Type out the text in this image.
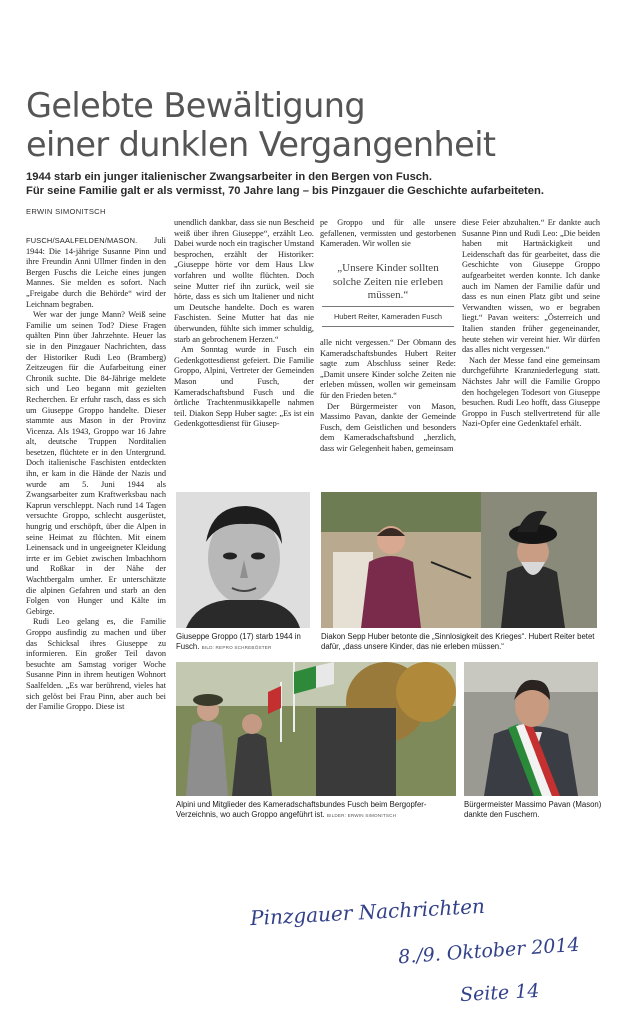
Gelebte Bewältigung
einer dunklen Vergangenheit
1944 starb ein junger italienischer Zwangsarbeiter in den Bergen von Fusch.
Für seine Familie galt er als vermisst, 70 Jahre lang – bis Pinzgauer die Geschichte aufarbeiteten.
ERWIN SIMONITSCH

FUSCH/SAALFELDEN/MASON. Juli 1944: Die 14-jährige Susanne Pinn und ihre Freundin Anni Ullmer finden in den Bergen Fuschs die Leiche eines jungen Mannes. Sie melden es sofort. Nach „Freigabe durch die Behörde“ wird der Leichnam begraben.

Wer war der junge Mann? Weiß seine Familie um seinen Tod? Diese Fragen quälten Pinn über Jahrzehnte. Heuer las sie in den Pinzgauer Nachrichten, dass der Historiker Rudi Leo (Bramberg) Zeitzeugen für die Aufarbeitung einer Chronik suchte. Die 84-Jährige meldete sich und Leo begann mit gezielten Recherchen. Er erfuhr rasch, dass es sich um Giuseppe Groppo handelte. Dieser stammte aus Mason in der Provinz Vicenza. Als 1943, Groppo war 16 Jahre alt, deutsche Truppen Norditalien besetzen, flüchtete er in den Untergrund. Doch italienische Faschisten entdeckten ihn, er kam in die Hände der Nazis und wurde am 5. Juni 1944 als Zwangsarbeiter zum Kraftwerksbau nach Kaprun verschleppt. Nach rund 14 Tagen versuchte Groppo, schlecht ausgerüstet, hungrig und erschöpft, über die Alpen in seine Heimat zu flüchten. Mit einem Leinensack und in ungeeigneter Kleidung irrte er im Gebiet zwischen Imbachhorn und Roßkar in der Nähe der Wachtbergalm umher. Er unterschätzte die alpinen Gefahren und starb an den Folgen von Hunger und Kälte im Gebirge.

Rudi Leo gelang es, die Familie Groppo ausfindig zu machen und über das Schicksal ihres Giuseppe zu informieren. Ein großer Teil davon besuchte am Samstag voriger Woche Susanne Pinn in ihrem heutigen Wohnort Saalfelden. „Es war berührend, vieles hat sich gelöst bei Frau Pinn, aber auch bei der Familie Groppo. Diese ist

unendlich dankbar, dass sie nun Bescheid weiß über ihren Giuseppe“, erzählt Leo. Dabei wurde noch ein tragischer Umstand besprochen, erzählt der Historiker: „Giuseppe hörte vor dem Haus Lkw vorfahren und wollte flüchten. Doch seine Mutter rief ihn zurück, weil sie hörte, dass es sich um Italiener und nicht um Deutsche handelte. Doch es waren Faschisten. Seine Mutter hat das nie überwunden, fühlte sich immer schuldig, starb an gebrochenem Herzen.“

Am Sonntag wurde in Fusch ein Gedenkgottesdienst gefeiert. Die Familie Groppo, Alpini, Vertreter der Gemeinden Mason und Fusch, der Kameradschaftsbund Fusch und die örtliche Trachtenmusikkapelle nahmen teil. Diakon Sepp Huber sagte: „Es ist ein Gedenkgottesdienst für Giusep-

pe Groppo und für alle unsere gefallenen, vermissten und gestorbenen Kameraden. Wir wollen sie

„Unsere Kinder sollten solche Zeiten nie erleben müssen.“
Hubert Reiter, Kameraden Fusch

alle nicht vergessen.“ Der Obmann des Kameradschaftsbundes Hubert Reiter sagte zum Abschluss seiner Rede: „Damit unsere Kinder solche Zeiten nie erleben müssen, wollen wir gemeinsam für den Frieden beten.“

Der Bürgermeister von Mason, Massimo Pavan, dankte der Gemeinde Fusch, dem Geistlichen und besonders dem Kameradschaftsbund „herzlich, dass wir Gelegenheit haben, gemeinsam

diese Feier abzuhalten.“ Er dankte auch Susanne Pinn und Rudi Leo: „Die beiden haben mit Hartnäckigkeit und Leidenschaft das für gearbeitet, dass die Geschichte von Giuseppe Groppo aufgearbeitet werden konnte. Ich danke auch im Namen der Familie dafür und dass es nun einen Platz gibt und seine Verwandten wissen, wo er begraben liegt.“ Pavan weiters: „Österreich und Italien standen früher gegeneinander, heute stehen wir vereint hier. Wir dürfen das alles nicht vergessen.“

Nach der Messe fand eine gemeinsam durchgeführte Kranzniederlegung statt. Nächstes Jahr will die Familie Groppo den hochgelegen Todesort von Giuseppe besuchen. Rudi Leo hofft, dass Giuseppe Groppo in Fusch stellvertretend für alle Nazi-Opfer eine Gedenktafel erhält.

Giuseppe Groppo (17) starb 1944 in Fusch. BILD: REPRO SCHREBÖSTER
Diakon Sepp Huber betonte die „Sinnlosigkeit des Krieges“. Hubert Reiter betet dafür, „dass unsere Kinder, das nie erleben müssen.“
Alpini und Mitglieder des Kameradschaftsbundes Fusch beim Bergopfer-Verzeichnis, wo auch Groppo angeführt ist. BILDER: ERWIN SIMONITSCH
Bürgermeister Massimo Pavan (Mason) dankte den Fuschern.
Pinzgauer Nachrichten
8./9. Oktober 2014
Seite 14
